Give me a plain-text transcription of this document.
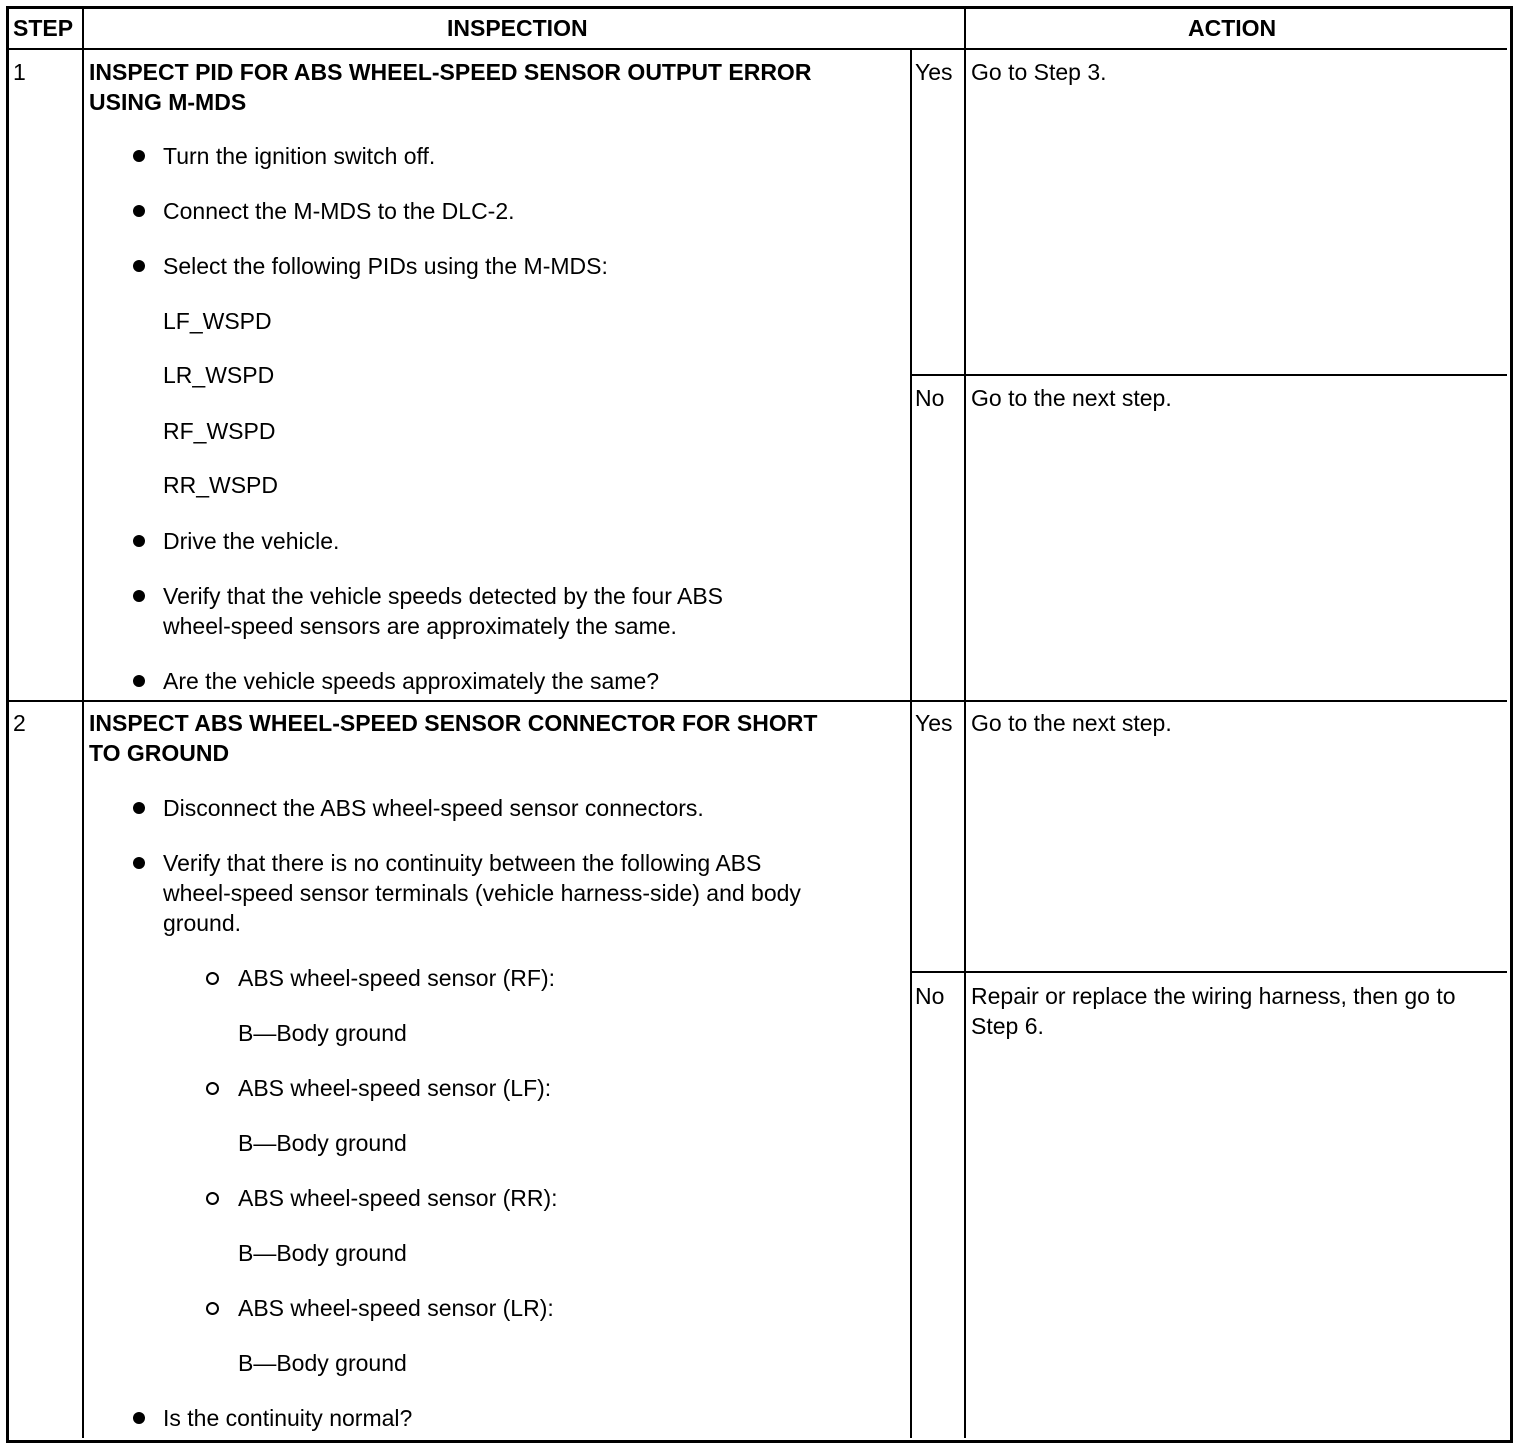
STEP	INSPECTION	ACTION
1	INSPECT PID FOR ABS WHEEL-SPEED SENSOR OUTPUT ERROR
USING M-MDS
Turn the ignition switch off.
Connect the M-MDS to the DLC-2.
Select the following PIDs using the M-MDS:
LF_WSPD
LR_WSPD
RF_WSPD
RR_WSPD
Drive the vehicle.
Verify that the vehicle speeds detected by the four ABS
wheel-speed sensors are approximately the same.
Are the vehicle speeds approximately the same?
Yes Go to Step 3.
No Go to the next step.
2	INSPECT ABS WHEEL-SPEED SENSOR CONNECTOR FOR SHORT
TO GROUND
Disconnect the ABS wheel-speed sensor connectors.
Verify that there is no continuity between the following ABS
wheel-speed sensor terminals (vehicle harness-side) and body
ground.
ABS wheel-speed sensor (RF):
B—Body ground
ABS wheel-speed sensor (LF):
B—Body ground
ABS wheel-speed sensor (RR):
B—Body ground
ABS wheel-speed sensor (LR):
B—Body ground
Is the continuity normal?
Yes Go to the next step.
No Repair or replace the wiring harness, then go to
Step 6.
